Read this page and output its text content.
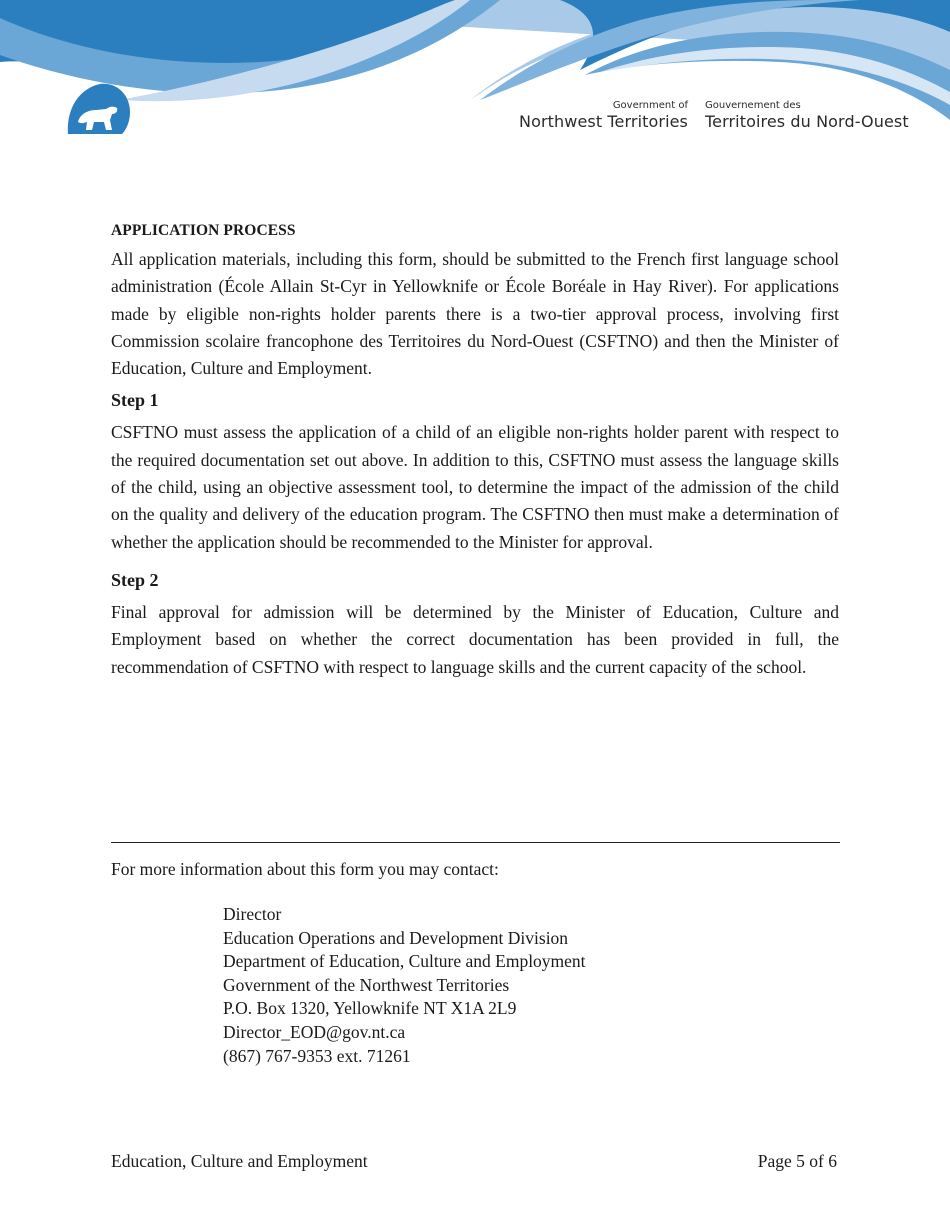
Government of
Northwest Territories
Gouvernement des
Territoires du Nord-Ouest
APPLICATION PROCESS

All application materials, including this form, should be submitted to the French first language school administration (École Allain St-Cyr in Yellowknife or École Boréale in Hay River). For applications made by eligible non-rights holder parents there is a two-tier approval process, involving first Commission scolaire francophone des Territoires du Nord-Ouest (CSFTNO) and then the Minister of Education, Culture and Employment.

Step 1

CSFTNO must assess the application of a child of an eligible non-rights holder parent with respect to the required documentation set out above. In addition to this, CSFTNO must assess the language skills of the child, using an objective assessment tool, to determine the impact of the admission of the child on the quality and delivery of the education program. The CSFTNO then must make a determination of whether the application should be recommended to the Minister for approval.

Step 2

Final approval for admission will be determined by the Minister of Education, Culture and Employment based on whether the correct documentation has been provided in full, the recommendation of CSFTNO with respect to language skills and the current capacity of the school.

For more information about this form you may contact:
Director
Education Operations and Development Division
Department of Education, Culture and Employment
Government of the Northwest Territories
P.O. Box 1320, Yellowknife NT X1A 2L9
Director_EOD@gov.nt.ca
(867) 767-9353 ext. 71261
Education, Culture and Employment	Page 5 of 6
